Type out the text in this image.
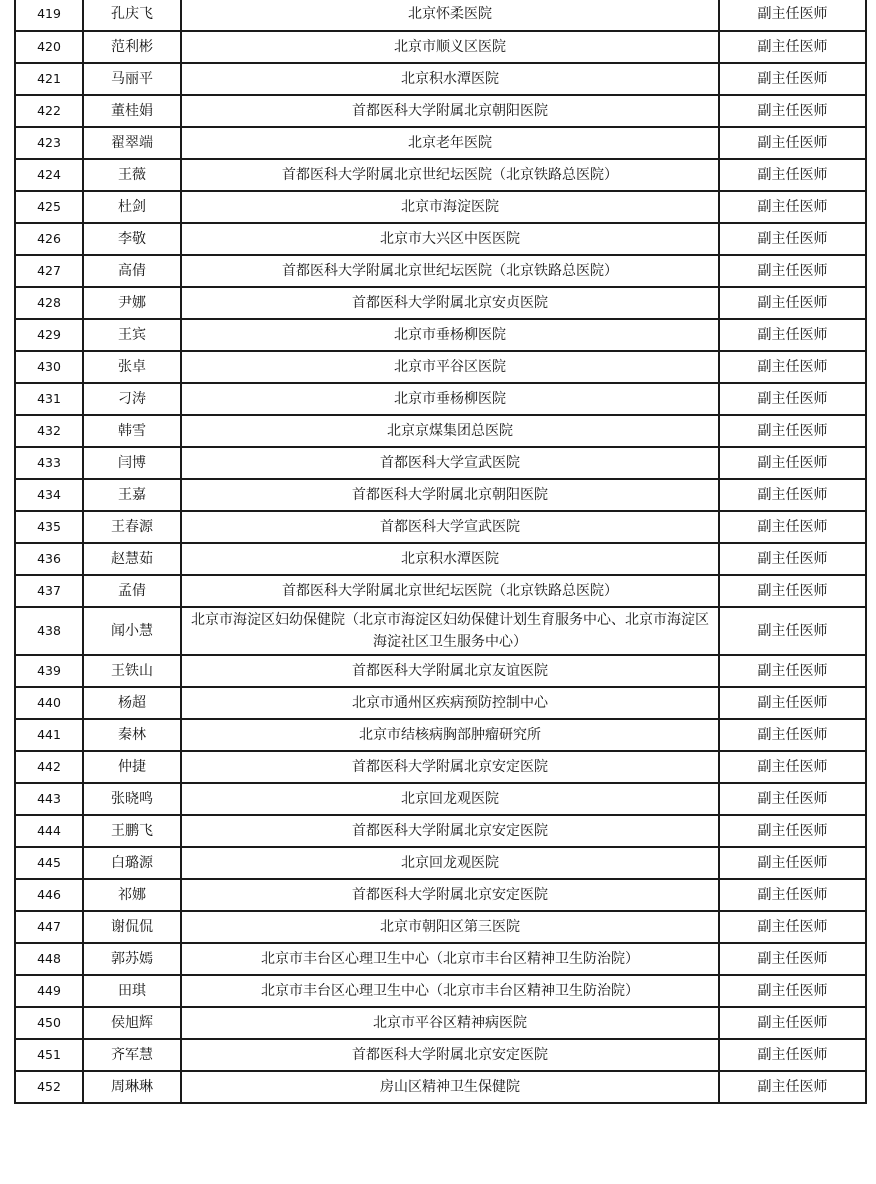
419	孔庆飞	北京怀柔医院	副主任医师
420	范利彬	北京市顺义区医院	副主任医师
421	马丽平	北京积水潭医院	副主任医师
422	董桂娟	首都医科大学附属北京朝阳医院	副主任医师
423	翟翠端	北京老年医院	副主任医师
424	王薇	首都医科大学附属北京世纪坛医院（北京铁路总医院）	副主任医师
425	杜剑	北京市海淀医院	副主任医师
426	李敬	北京市大兴区中医医院	副主任医师
427	高倩	首都医科大学附属北京世纪坛医院（北京铁路总医院）	副主任医师
428	尹娜	首都医科大学附属北京安贞医院	副主任医师
429	王宾	北京市垂杨柳医院	副主任医师
430	张卓	北京市平谷区医院	副主任医师
431	刁涛	北京市垂杨柳医院	副主任医师
432	韩雪	北京京煤集团总医院	副主任医师
433	闫博	首都医科大学宣武医院	副主任医师
434	王嘉	首都医科大学附属北京朝阳医院	副主任医师
435	王春源	首都医科大学宣武医院	副主任医师
436	赵慧茹	北京积水潭医院	副主任医师
437	孟倩	首都医科大学附属北京世纪坛医院（北京铁路总医院）	副主任医师
438	闻小慧	北京市海淀区妇幼保健院（北京市海淀区妇幼保健计划生育服务中心、北京市海淀区海淀社区卫生服务中心）	副主任医师
439	王铁山	首都医科大学附属北京友谊医院	副主任医师
440	杨超	北京市通州区疾病预防控制中心	副主任医师
441	秦林	北京市结核病胸部肿瘤研究所	副主任医师
442	仲捷	首都医科大学附属北京安定医院	副主任医师
443	张晓鸣	北京回龙观医院	副主任医师
444	王鹏飞	首都医科大学附属北京安定医院	副主任医师
445	白璐源	北京回龙观医院	副主任医师
446	祁娜	首都医科大学附属北京安定医院	副主任医师
447	谢侃侃	北京市朝阳区第三医院	副主任医师
448	郭苏嫣	北京市丰台区心理卫生中心（北京市丰台区精神卫生防治院）	副主任医师
449	田琪	北京市丰台区心理卫生中心（北京市丰台区精神卫生防治院）	副主任医师
450	侯旭辉	北京市平谷区精神病医院	副主任医师
451	齐军慧	首都医科大学附属北京安定医院	副主任医师
452	周琳琳	房山区精神卫生保健院	副主任医师
